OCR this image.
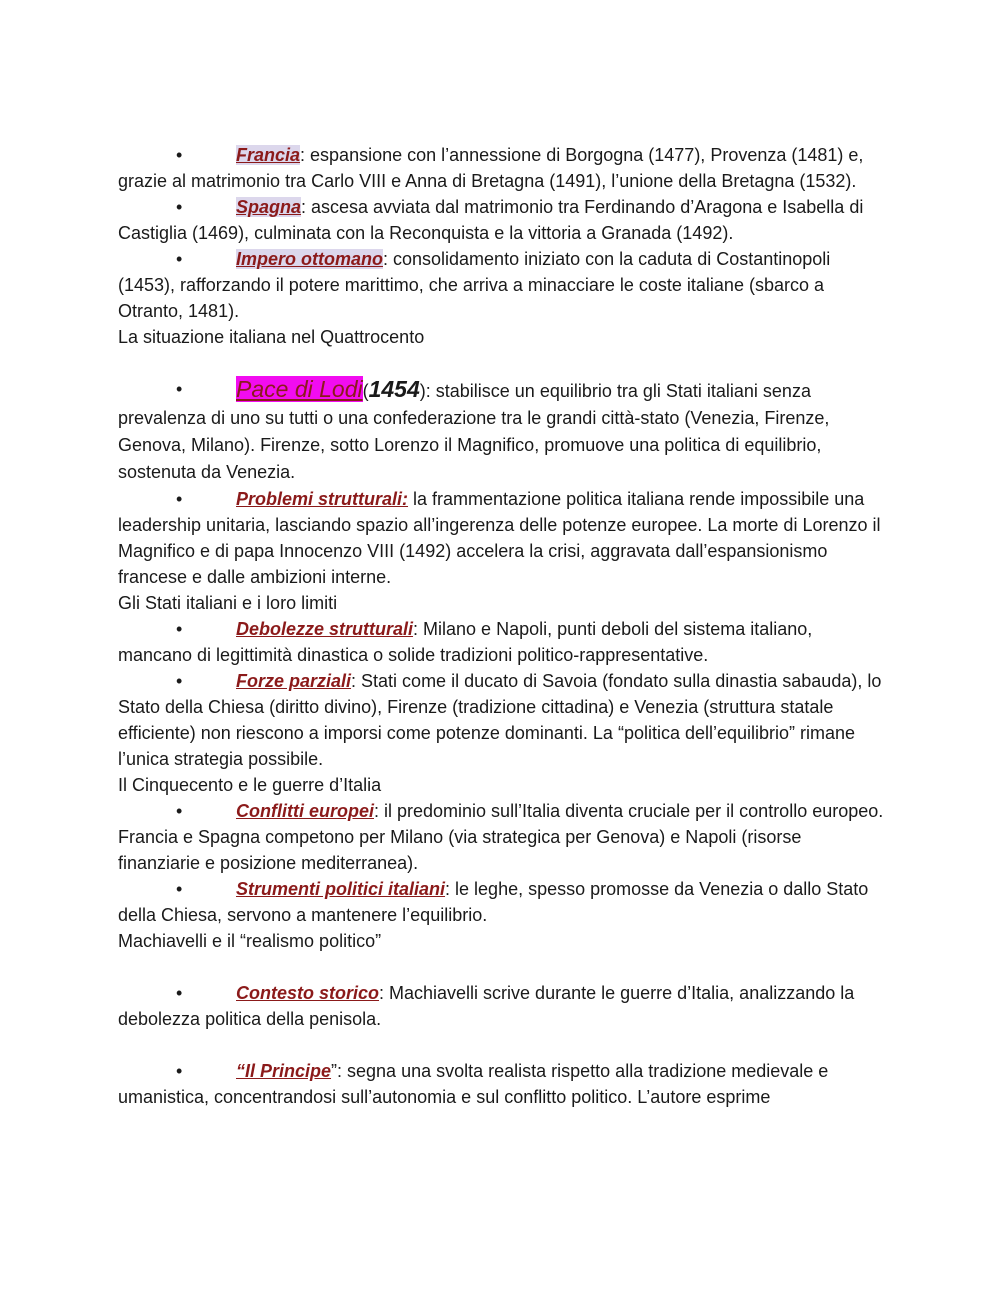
•	Francia: espansione con l’annessione di Borgogna (1477), Provenza (1481) e, grazie al matrimonio tra Carlo VIII e Anna di Bretagna (1491), l’unione della Bretagna (1532).

•	Spagna: ascesa avviata dal matrimonio tra Ferdinando d’Aragona e Isabella di Castiglia (1469), culminata con la Reconquista e la vittoria a Granada (1492).

•	Impero ottomano: consolidamento iniziato con la caduta di Costantinopoli (1453), rafforzando il potere marittimo, che arriva a minacciare le coste italiane (sbarco a Otranto, 1481).

La situazione italiana nel Quattrocento

• Pace di Lodi(1454): stabilisce un equilibrio tra gli Stati italiani senza prevalenza di uno su tutti o una confederazione tra le grandi città-stato (Venezia, Firenze, Genova, Milano). Firenze, sotto Lorenzo il Magnifico, promuove una politica di equilibrio, sostenuta da Venezia.

•	Problemi strutturali: la frammentazione politica italiana rende impossibile una leadership unitaria, lasciando spazio all’ingerenza delle potenze europee. La morte di Lorenzo il Magnifico e di papa Innocenzo VIII (1492) accelera la crisi, aggravata dall’espansionismo francese e dalle ambizioni interne.

Gli Stati italiani e i loro limiti

•	Debolezze strutturali: Milano e Napoli, punti deboli del sistema italiano, mancano di legittimità dinastica o solide tradizioni politico-rappresentative.

•	Forze parziali: Stati come il ducato di Savoia (fondato sulla dinastia sabauda), lo Stato della Chiesa (diritto divino), Firenze (tradizione cittadina) e Venezia (struttura statale efficiente) non riescono a imporsi come potenze dominanti. La “politica dell’equilibrio” rimane l’unica strategia possibile.

Il Cinquecento e le guerre d’Italia

•	Conflitti europei: il predominio sull’Italia diventa cruciale per il controllo europeo. Francia e Spagna competono per Milano (via strategica per Genova) e Napoli (risorse finanziarie e posizione mediterranea).

•	Strumenti politici italiani: le leghe, spesso promosse da Venezia o dallo Stato della Chiesa, servono a mantenere l’equilibrio.

Machiavelli e il “realismo politico”

•	Contesto storico: Machiavelli scrive durante le guerre d’Italia, analizzando la debolezza politica della penisola.

•	“Il Principe”: segna una svolta realista rispetto alla tradizione medievale e umanistica, concentrandosi sull’autonomia e sul conflitto politico. L’autore esprime
